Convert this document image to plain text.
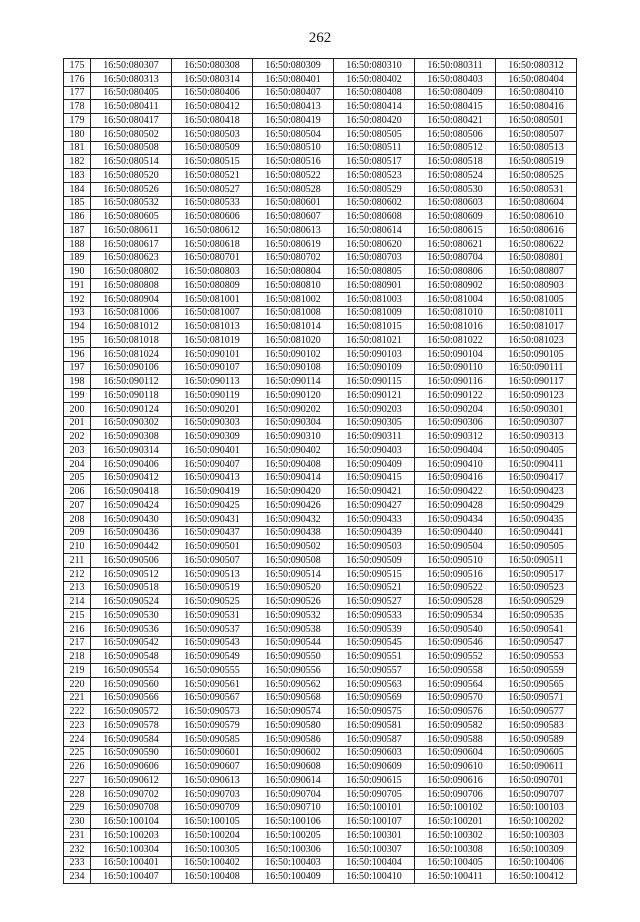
262
175	16:50:080307	16:50:080308	16:50:080309	16:50:080310	16:50:080311	16:50:080312
176	16:50:080313	16:50:080314	16:50:080401	16:50:080402	16:50:080403	16:50:080404
177	16:50:080405	16:50:080406	16:50:080407	16:50:080408	16:50:080409	16:50:080410
178	16:50:080411	16:50:080412	16:50:080413	16:50:080414	16:50:080415	16:50:080416
179	16:50:080417	16:50:080418	16:50:080419	16:50:080420	16:50:080421	16:50:080501
180	16:50:080502	16:50:080503	16:50:080504	16:50:080505	16:50:080506	16:50:080507
181	16:50:080508	16:50:080509	16:50:080510	16:50:080511	16:50:080512	16:50:080513
182	16:50:080514	16:50:080515	16:50:080516	16:50:080517	16:50:080518	16:50:080519
183	16:50:080520	16:50:080521	16:50:080522	16:50:080523	16:50:080524	16:50:080525
184	16:50:080526	16:50:080527	16:50:080528	16:50:080529	16:50:080530	16:50:080531
185	16:50:080532	16:50:080533	16:50:080601	16:50:080602	16:50:080603	16:50:080604
186	16:50:080605	16:50:080606	16:50:080607	16:50:080608	16:50:080609	16:50:080610
187	16:50:080611	16:50:080612	16:50:080613	16:50:080614	16:50:080615	16:50:080616
188	16:50:080617	16:50:080618	16:50:080619	16:50:080620	16:50:080621	16:50:080622
189	16:50:080623	16:50:080701	16:50:080702	16:50:080703	16:50:080704	16:50:080801
190	16:50:080802	16:50:080803	16:50:080804	16:50:080805	16:50:080806	16:50:080807
191	16:50:080808	16:50:080809	16:50:080810	16:50:080901	16:50:080902	16:50:080903
192	16:50:080904	16:50:081001	16:50:081002	16:50:081003	16:50:081004	16:50:081005
193	16:50:081006	16:50:081007	16:50:081008	16:50:081009	16:50:081010	16:50:081011
194	16:50:081012	16:50:081013	16:50:081014	16:50:081015	16:50:081016	16:50:081017
195	16:50:081018	16:50:081019	16:50:081020	16:50:081021	16:50:081022	16:50:081023
196	16:50:081024	16:50:090101	16:50:090102	16:50:090103	16:50:090104	16:50:090105
197	16:50:090106	16:50:090107	16:50:090108	16:50:090109	16:50:090110	16:50:090111
198	16:50:090112	16:50:090113	16:50:090114	16:50:090115	16:50:090116	16:50:090117
199	16:50:090118	16:50:090119	16:50:090120	16:50:090121	16:50:090122	16:50:090123
200	16:50:090124	16:50:090201	16:50:090202	16:50:090203	16:50:090204	16:50:090301
201	16:50:090302	16:50:090303	16:50:090304	16:50:090305	16:50:090306	16:50:090307
202	16:50:090308	16:50:090309	16:50:090310	16:50:090311	16:50:090312	16:50:090313
203	16:50:090314	16:50:090401	16:50:090402	16:50:090403	16:50:090404	16:50:090405
204	16:50:090406	16:50:090407	16:50:090408	16:50:090409	16:50:090410	16:50:090411
205	16:50:090412	16:50:090413	16:50:090414	16:50:090415	16:50:090416	16:50:090417
206	16:50:090418	16:50:090419	16:50:090420	16:50:090421	16:50:090422	16:50:090423
207	16:50:090424	16:50:090425	16:50:090426	16:50:090427	16:50:090428	16:50:090429
208	16:50:090430	16:50:090431	16:50:090432	16:50:090433	16:50:090434	16:50:090435
209	16:50:090436	16:50:090437	16:50:090438	16:50:090439	16:50:090440	16:50:090441
210	16:50:090442	16:50:090501	16:50:090502	16:50:090503	16:50:090504	16:50:090505
211	16:50:090506	16:50:090507	16:50:090508	16:50:090509	16:50:090510	16:50:090511
212	16:50:090512	16:50:090513	16:50:090514	16:50:090515	16:50:090516	16:50:090517
213	16:50:090518	16:50:090519	16:50:090520	16:50:090521	16:50:090522	16:50:090523
214	16:50:090524	16:50:090525	16:50:090526	16:50:090527	16:50:090528	16:50:090529
215	16:50:090530	16:50:090531	16:50:090532	16:50:090533	16:50:090534	16:50:090535
216	16:50:090536	16:50:090537	16:50:090538	16:50:090539	16:50:090540	16:50:090541
217	16:50:090542	16:50:090543	16:50:090544	16:50:090545	16:50:090546	16:50:090547
218	16:50:090548	16:50:090549	16:50:090550	16:50:090551	16:50:090552	16:50:090553
219	16:50:090554	16:50:090555	16:50:090556	16:50:090557	16:50:090558	16:50:090559
220	16:50:090560	16:50:090561	16:50:090562	16:50:090563	16:50:090564	16:50:090565
221	16:50:090566	16:50:090567	16:50:090568	16:50:090569	16:50:090570	16:50:090571
222	16:50:090572	16:50:090573	16:50:090574	16:50:090575	16:50:090576	16:50:090577
223	16:50:090578	16:50:090579	16:50:090580	16:50:090581	16:50:090582	16:50:090583
224	16:50:090584	16:50:090585	16:50:090586	16:50:090587	16:50:090588	16:50:090589
225	16:50:090590	16:50:090601	16:50:090602	16:50:090603	16:50:090604	16:50:090605
226	16:50:090606	16:50:090607	16:50:090608	16:50:090609	16:50:090610	16:50:090611
227	16:50:090612	16:50:090613	16:50:090614	16:50:090615	16:50:090616	16:50:090701
228	16:50:090702	16:50:090703	16:50:090704	16:50:090705	16:50:090706	16:50:090707
229	16:50:090708	16:50:090709	16:50:090710	16:50:100101	16:50:100102	16:50:100103
230	16:50:100104	16:50:100105	16:50:100106	16:50:100107	16:50:100201	16:50:100202
231	16:50:100203	16:50:100204	16:50:100205	16:50:100301	16:50:100302	16:50:100303
232	16:50:100304	16:50:100305	16:50:100306	16:50:100307	16:50:100308	16:50:100309
233	16:50:100401	16:50:100402	16:50:100403	16:50:100404	16:50:100405	16:50:100406
234	16:50:100407	16:50:100408	16:50:100409	16:50:100410	16:50:100411	16:50:100412
